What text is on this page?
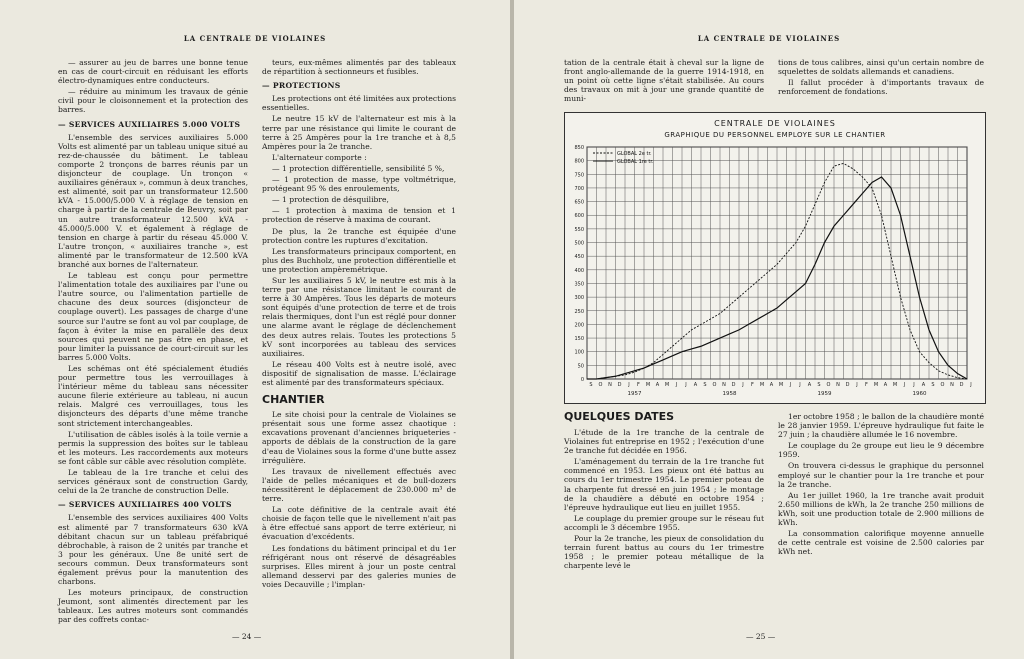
LA CENTRALE DE VIOLAINES

— assurer au jeu de barres une bonne tenue en cas de court-circuit en réduisant les efforts électro-dynamiques entre conducteurs.

— réduire au minimum les travaux de génie civil pour le cloisonnement et la protection des barres.

— SERVICES AUXILIAIRES 5.000 VOLTS

L'ensemble des services auxiliaires 5.000 Volts est alimenté par un tableau unique situé au rez-de-chaussée du bâtiment. Le tableau comporte 2 tronçons de barres réunis par un disjoncteur de couplage. Un tronçon « auxiliaires généraux », commun à deux tranches, est alimenté, soit par un transformateur 12.500 kVA - 15.000/5.000 V. à réglage de tension en charge à partir de la centrale de Beuvry, soit par un autre transformateur 12.500 kVA - 45.000/5.000 V. et également à réglage de tension en charge à partir du réseau 45.000 V. L'autre tronçon, « auxiliaires tranche », est alimenté par le transformateur de 12.500 kVA branché aux bornes de l'alternateur.

Le tableau est conçu pour permettre l'alimentation totale des auxiliaires par l'une ou l'autre source, ou l'alimentation partielle de chacune des deux sources (disjoncteur de couplage ouvert). Les passages de charge d'une source sur l'autre se font au vol par couplage, de façon à éviter la mise en parallèle des deux sources qui peuvent ne pas être en phase, et pour limiter la puissance de court-circuit sur les barres 5.000 Volts.

Les schémas ont été spécialement étudiés pour permettre tous les verrouillages à l'intérieur même du tableau sans nécessiter aucune filerie extérieure au tableau, ni aucun relais. Malgré ces verrouillages, tous les disjoncteurs des départs d'une même tranche sont strictement interchangeables.

L'utilisation de câbles isolés à la toile vernie a permis la suppression des boîtes sur le tableau et les moteurs. Les raccordements aux moteurs se font câble sur câble avec résolution complète.

Le tableau de la 1re tranche et celui des services généraux sont de construction Gardy, celui de la 2e tranche de construction Delle.

— SERVICES AUXILIAIRES 400 VOLTS

L'ensemble des services auxiliaires 400 Volts est alimenté par 7 transformateurs 630 kVA débitant chacun sur un tableau préfabriqué débrochable, à raison de 2 unités par tranche et 3 pour les généraux. Une 8e unité sert de secours commun. Deux transformateurs sont également prévus pour la manutention des charbons.

Les moteurs principaux, de construction Jeumont, sont alimentés directement par les tableaux. Les autres moteurs sont commandés par des coffrets contac-

teurs, eux-mêmes alimentés par des tableaux de répartition à sectionneurs et fusibles.

— PROTECTIONS

Les protections ont été limitées aux protections essentielles.

Le neutre 15 kV de l'alternateur est mis à la terre par une résistance qui limite le courant de terre à 25 Ampères pour la 1re tranche et à 8,5 Ampères pour la 2e tranche.

L'alternateur comporte :

— 1 protection différentielle, sensibilité 5 %,

— 1 protection de masse, type voltmétrique, protégeant 95 % des enroulements,

— 1 protection de désquilibre,

— 1 protection à maxima de tension et 1 protection de réserve à maxima de courant.

De plus, la 2e tranche est équipée d'une protection contre les ruptures d'excitation.

Les transformateurs principaux comportent, en plus des Buchholz, une protection différentielle et une protection ampèremétrique.

Sur les auxiliaires 5 kV, le neutre est mis à la terre par une résistance limitant le courant de terre à 30 Ampères. Tous les départs de moteurs sont équipés d'une protection de terre et de trois relais thermiques, dont l'un est réglé pour donner une alarme avant le réglage de déclenchement des deux autres relais. Toutes les protections 5 kV sont incorporées au tableau des services auxiliaires.

Le réseau 400 Volts est à neutre isolé, avec dispositif de signalisation de masse. L'éclairage est alimenté par des transformateurs spéciaux.

CHANTIER

Le site choisi pour la centrale de Violaines se présentait sous une forme assez chaotique : excavations provenant d'anciennes briqueteries - apports de déblais de la construction de la gare d'eau de Violaines sous la forme d'une butte assez irrégulière.

Les travaux de nivellement effectués avec l'aide de pelles mécaniques et de bull-dozers nécessitèrent le déplacement de 230.000 m³ de terre.

La cote définitive de la centrale avait été choisie de façon telle que le nivellement n'ait pas à être effectué sans apport de terre extérieur, ni évacuation d'excédents.

Les fondations du bâtiment principal et du 1er réfrigérant nous ont réservé de désagréables surprises. Elles mirent à jour un poste central allemand desservi par des galeries munies de voies Decauville ; l'implan-

— 24 —
LA CENTRALE DE VIOLAINES

tation de la centrale était à cheval sur la ligne de front anglo-allemande de la guerre 1914-1918, en un point où cette ligne s'était stabilisée. Au cours des travaux on mit à jour une grande quantité de muni-

tions de tous calibres, ainsi qu'un certain nombre de squelettes de soldats allemands et canadiens.

Il fallut procéder à d'importants travaux de renforcement de fondations.

CENTRALE DE VIOLAINES
GRAPHIQUE DU PERSONNEL EMPLOYE SUR LE CHANTIER
0
50
100
150
200
250
300
350
400
450
500
550
600
650
700
750
800
850
S O N D J F M A M J J A S O N D J F M A M J J A S O N D J F M A M J J A S O N D J
1957	1958	1959	1960
GLOBAL 2e tr.
GLOBAL 1re tr.
QUELQUES DATES

L'étude de la 1re tranche de la centrale de Violaines fut entreprise en 1952 ; l'exécution d'une 2e tranche fut décidée en 1956.

L'aménagement du terrain de la 1re tranche fut commencé en 1953. Les pieux ont été battus au cours du 1er trimestre 1954. Le premier poteau de la charpente fut dressé en juin 1954 ; le montage de la chaudière a débuté en octobre 1954 ; l'épreuve hydraulique eut lieu en juillet 1955.

Le couplage du premier groupe sur le réseau fut accompli le 3 décembre 1955.

Pour la 2e tranche, les pieux de consolidation du terrain furent battus au cours du 1er trimestre 1958 ; le premier poteau métallique de la charpente levé le

1er octobre 1958 ; le ballon de la chaudière monté le 28 janvier 1959. L'épreuve hydraulique fut faite le 27 juin ; la chaudière allumée le 16 novembre.

Le couplage du 2e groupe eut lieu le 9 décembre 1959.

On trouvera ci-dessus le graphique du personnel employé sur le chantier pour la 1re tranche et pour la 2e tranche.

Au 1er juillet 1960, la 1re tranche avait produit 2.650 millions de kWh, la 2e tranche 250 millions de kWh, soit une production totale de 2.900 millions de kWh.

La consommation calorifique moyenne annuelle de cette centrale est voisine de 2.500 calories par kWh net.

— 25 —
